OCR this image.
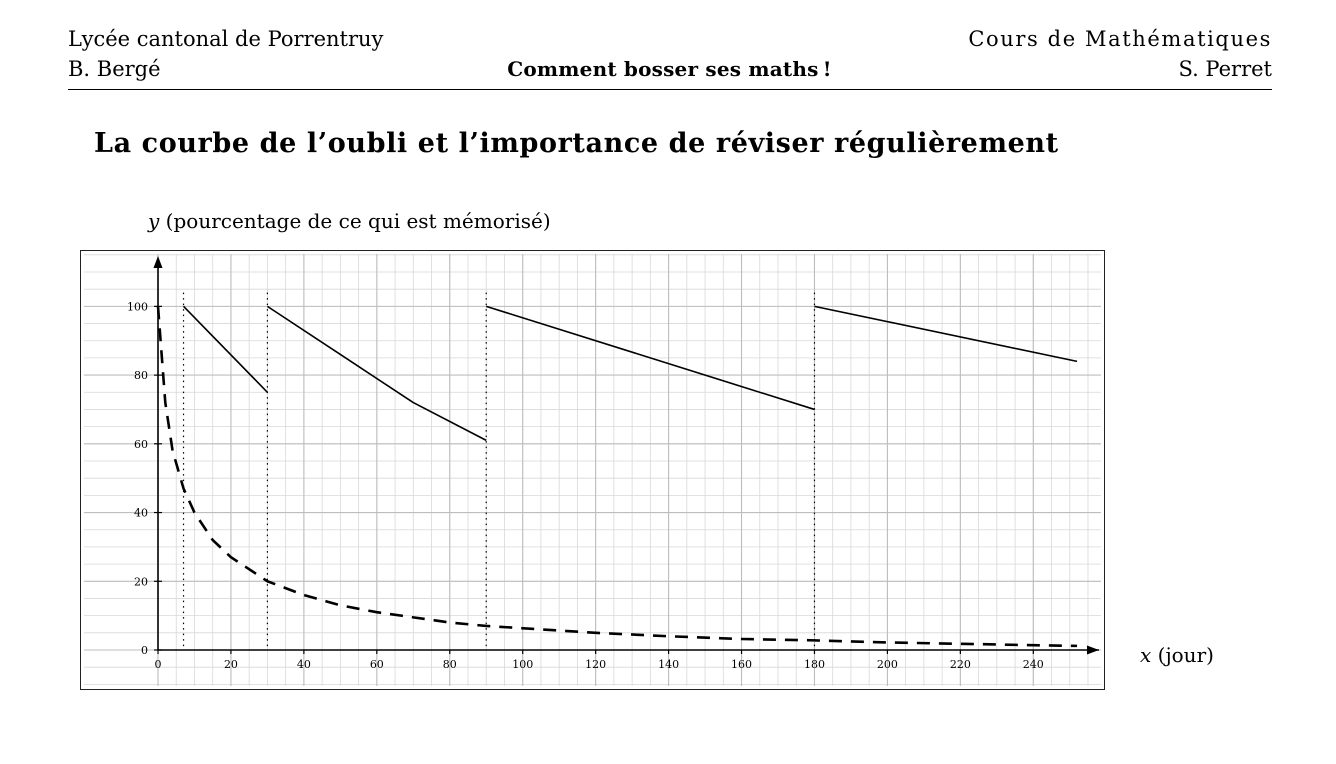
Lycée cantonal de Porrentruy	Cours de Mathématiques
B. Bergé	Comment bosser ses maths !	S. Perret
La courbe de l’oubli et l’importance de réviser régulièrement
y (pourcentage de ce qui est mémorisé)
x (jour)
0	20	40	60	80	100	120	140	160	180	200	220	240
0
20
40
60
80
100
